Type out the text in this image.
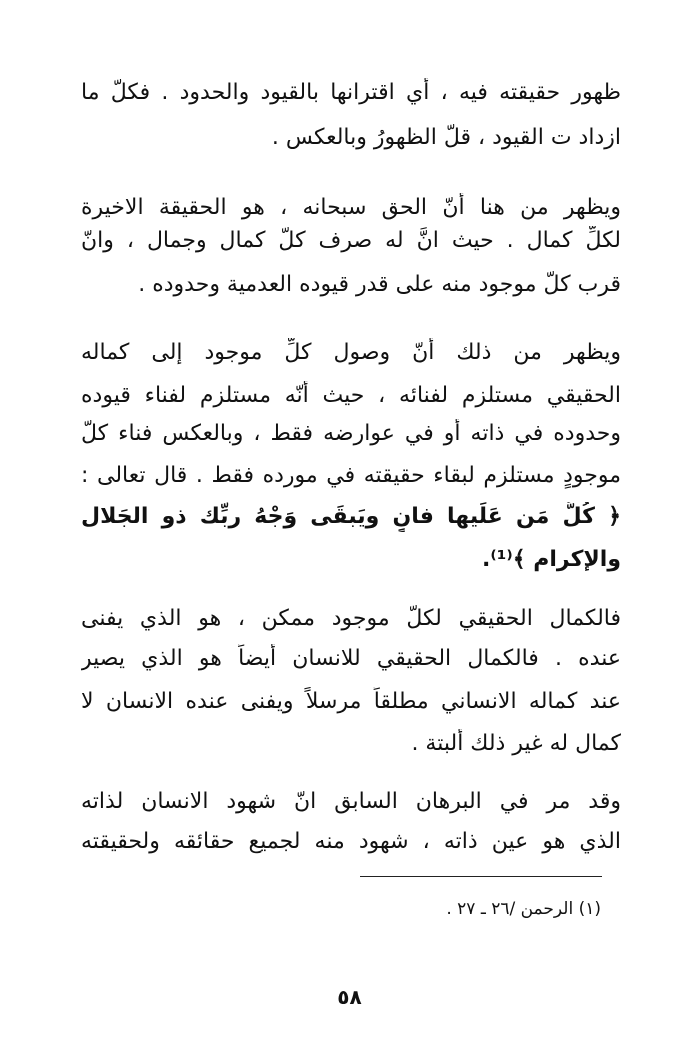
ظهور حقيقته فيه ، أي اقترانها بالقيود والحدود . فكلّ ما
ازداد ت القيود ، قلّ الظهورُ وبالعكس .
ويظهر من هنا أنّ الحق سبحانه ، هو الحقيقة الاخيرة
لكلِّ كمال . حيث انَّ له صرف كلّ كمال وجمال ، وانّ
قرب كلّ موجود منه على قدر قيوده العدمية وحدوده .
ويظهر من ذلك أنّ وصول كلِّ موجود إلى كماله
الحقيقي مستلزم لفنائه ، حيث أنّه مستلزم لفناء قيوده
وحدوده في ذاته أو في عوارضه فقط ، وبالعكس فناء كلّ
موجودٍ مستلزم لبقاء حقيقته في مورده فقط . قال تعالى :
﴿ كُلُّ مَن عَلَيها فانٍ ويَبقَى وَجْهُ ربِّك ذو الجَلال
والإكرام ﴾⁽¹⁾.
فالكمال الحقيقي لكلّ موجود ممكن ، هو الذي يفنى
عنده . فالكمال الحقيقي للانسان أيضاً هو الذي يصير
عند كماله الانساني مطلقاً مرسلاً ويفنى عنده الانسان لا
كمال له غير ذلك ألبتة .
وقد مر في البرهان السابق انّ شهود الانسان لذاته
الذي هو عين ذاته ، شهود منه لجميع حقائقه ولحقيقته
(١) الرحمن /٢٦ ـ ٢٧ .
٥٨
